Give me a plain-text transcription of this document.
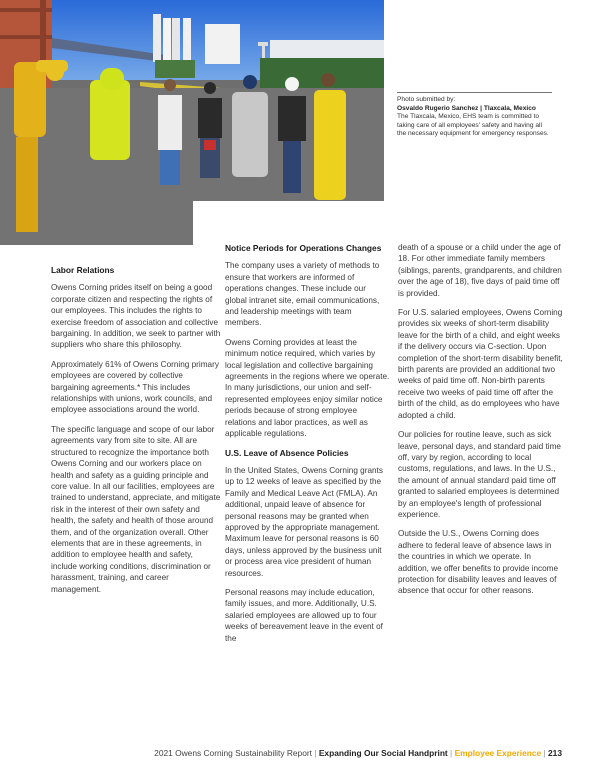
Photo submitted by:
Osvaldo Rugerio Sanchez | Tlaxcala, Mexico
The Tlaxcala, Mexico, EHS team is committed to taking care of all employees' safety and having all the necessary equipment for emergency responses.
Labor Relations

Owens Corning prides itself on being a good corporate citizen and respecting the rights of our employees. This includes the rights to exercise freedom of association and collective bargaining. In addition, we seek to partner with suppliers who share this philosophy.

Approximately 61% of Owens Corning primary employees are covered by collective bargaining agreements.* This includes relationships with unions, work councils, and employee associations around the world.

The specific language and scope of our labor agreements vary from site to site. All are structured to recognize the importance both Owens Corning and our workers place on health and safety as a guiding principle and core value. In all our facilities, employees are trained to understand, appreciate, and mitigate risk in the interest of their own safety and health, the safety and health of those around them, and of the organization overall. Other elements that are in these agreements, in addition to employee health and safety, include working conditions, discrimination or harassment, training, and career management.

Notice Periods for Operations Changes

The company uses a variety of methods to ensure that workers are informed of operations changes. These include our global intranet site, email communications, and leadership meetings with team members.

Owens Corning provides at least the minimum notice required, which varies by local legislation and collective bargaining agreements in the regions where we operate. In many jurisdictions, our union and self-represented employees enjoy similar notice periods because of strong employee relations and labor practices, as well as applicable regulations.

U.S. Leave of Absence Policies

In the United States, Owens Corning grants up to 12 weeks of leave as specified by the Family and Medical Leave Act (FMLA). An additional, unpaid leave of absence for personal reasons may be granted when approved by the appropriate management. Maximum leave for personal reasons is 60 days, unless approved by the business unit or process area vice president of human resources.

Personal reasons may include education, family issues, and more. Additionally, U.S. salaried employees are allowed up to four weeks of bereavement leave in the event of the

death of a spouse or a child under the age of 18. For other immediate family members (siblings, parents, grandparents, and children over the age of 18), five days of paid time off is provided.

For U.S. salaried employees, Owens Corning provides six weeks of short-term disability leave for the birth of a child, and eight weeks if the delivery occurs via C-section. Upon completion of the short-term disability benefit, birth parents are provided an additional two weeks of paid time off. Non-birth parents receive two weeks of paid time off after the birth of the child, as do employees who have adopted a child.

Our policies for routine leave, such as sick leave, personal days, and standard paid time off, vary by region, according to local customs, regulations, and laws. In the U.S., the amount of annual standard paid time off granted to salaried employees is determined by an employee's length of professional experience.

Outside the U.S., Owens Corning does adhere to federal leave of absence laws in the countries in which we operate. In addition, we offer benefits to provide income protection for disability leaves and leaves of absence that occur for other reasons.

2021 Owens Corning Sustainability Report | Expanding Our Social Handprint | Employee Experience | 213
